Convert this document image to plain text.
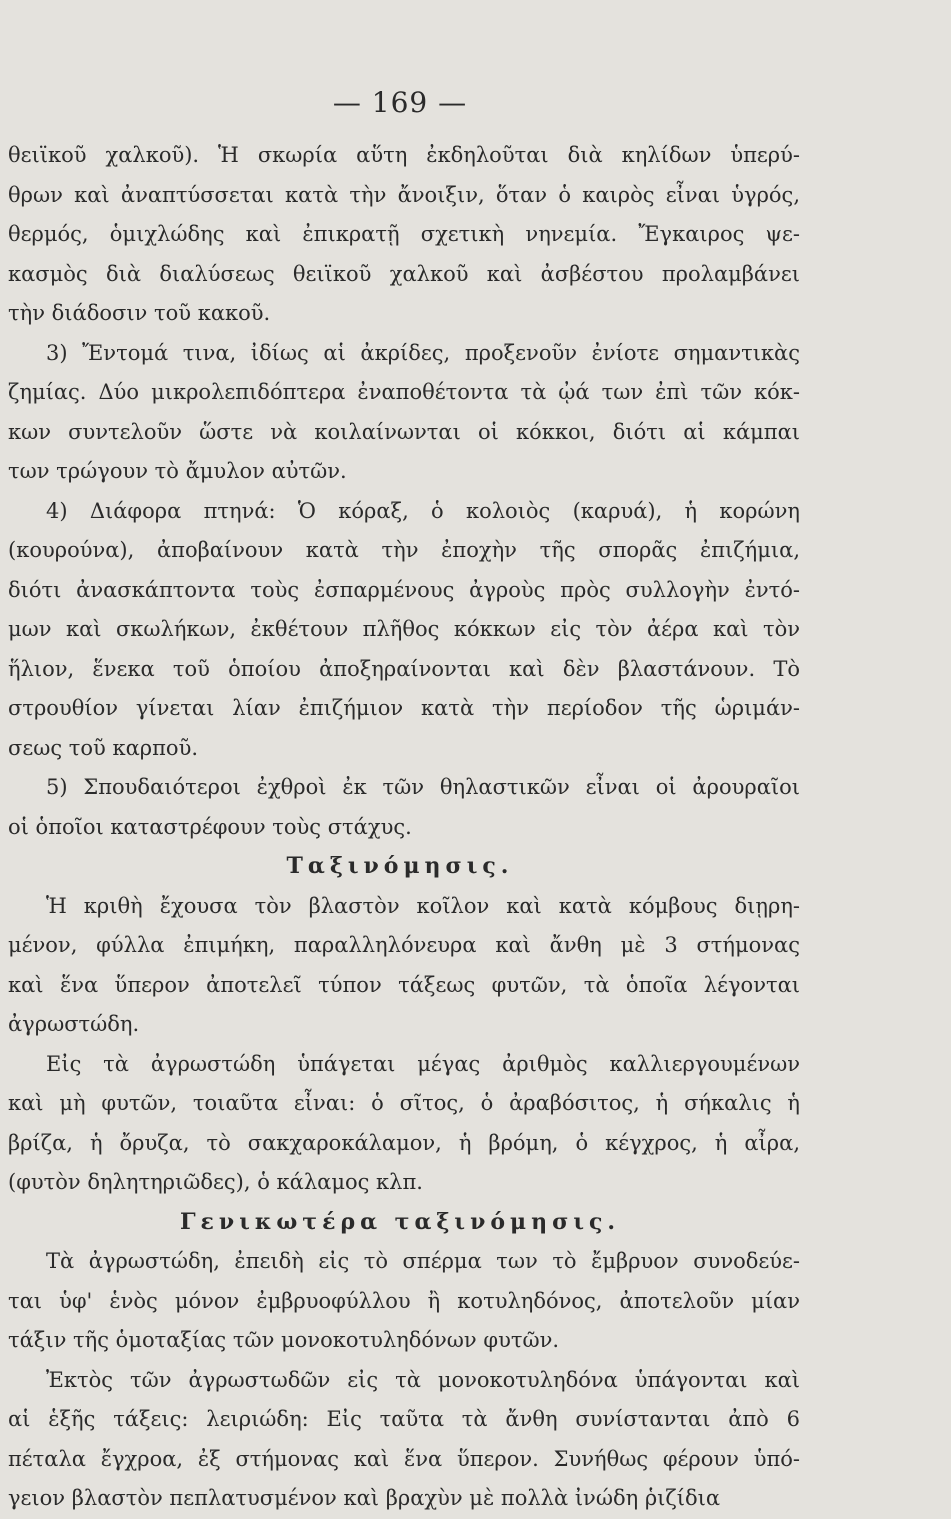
— 169 —
θειϊκοῦ χαλκοῦ). Ἡ σκωρία αὕτη ἐκδηλοῦται διὰ κηλίδων ὑπερύ-
θρων καὶ ἀναπτύσσεται κατὰ τὴν ἄνοιξιν, ὅταν ὁ καιρὸς εἶναι ὑγρός,
θερμός, ὁμιχλώδης καὶ ἐπικρατῇ σχετικὴ νηνεμία. Ἔγκαιρος ψε-
κασμὸς διὰ διαλύσεως θειϊκοῦ χαλκοῦ καὶ ἀσβέστου προλαμβάνει
τὴν διάδοσιν τοῦ κακοῦ.
3) Ἔντομά τινα, ἰδίως αἱ ἀκρίδες, προξενοῦν ἐνίοτε σημαντικὰς
ζημίας. Δύο μικρολεπιδόπτερα ἐναποθέτοντα τὰ ᾠά των ἐπὶ τῶν κόκ-
κων συντελοῦν ὥστε νὰ κοιλαίνωνται οἱ κόκκοι, διότι αἱ κάμπαι
των τρώγουν τὸ ἄμυλον αὐτῶν.
4) Διάφορα πτηνά: Ὁ κόραξ, ὁ κολοιὸς (καρυά), ἡ κορώνη
(κουρούνα), ἀποβαίνουν κατὰ τὴν ἐποχὴν τῆς σπορᾶς ἐπιζήμια,
διότι ἀνασκάπτοντα τοὺς ἐσπαρμένους ἀγροὺς πρὸς συλλογὴν ἐντό-
μων καὶ σκωλήκων, ἐκθέτουν πλῆθος κόκκων εἰς τὸν ἀέρα καὶ τὸν
ἥλιον, ἕνεκα τοῦ ὁποίου ἀποξηραίνονται καὶ δὲν βλαστάνουν. Τὸ
στρουθίον γίνεται λίαν ἐπιζήμιον κατὰ τὴν περίοδον τῆς ὡριμάν-
σεως τοῦ καρποῦ.
5) Σπουδαιότεροι ἐχθροὶ ἐκ τῶν θηλαστικῶν εἶναι οἱ ἀρουραῖοι
οἱ ὁποῖοι καταστρέφουν τοὺς στάχυς.
Ταξινόμησις.
Ἡ κριθὴ ἔχουσα τὸν βλαστὸν κοῖλον καὶ κατὰ κόμβους διῃρη-
μένον, φύλλα ἐπιμήκη, παραλληλόνευρα καὶ ἄνθη μὲ 3 στήμονας
καὶ ἕνα ὕπερον ἀποτελεῖ τύπον τάξεως φυτῶν, τὰ ὁποῖα λέγονται
ἀγρωστώδη.
Εἰς τὰ ἀγρωστώδη ὑπάγεται μέγας ἀριθμὸς καλλιεργουμένων
καὶ μὴ φυτῶν, τοιαῦτα εἶναι: ὁ σῖτος, ὁ ἀραβόσιτος, ἡ σήκαλις ἡ
βρίζα, ἡ ὄρυζα, τὸ σακχαροκάλαμον, ἡ βρόμη, ὁ κέγχρος, ἡ αἶρα,
(φυτὸν δηλητηριῶδες), ὁ κάλαμος κλπ.
Γενικωτέρα ταξινόμησις.
Τὰ ἀγρωστώδη, ἐπειδὴ εἰς τὸ σπέρμα των τὸ ἔμβρυον συνοδεύε-
ται ὑφ' ἑνὸς μόνον ἐμβρυοφύλλου ἢ κοτυληδόνος, ἀποτελοῦν μίαν
τάξιν τῆς ὁμοταξίας τῶν μονοκοτυληδόνων φυτῶν.
Ἐκτὸς τῶν ἀγρωστωδῶν εἰς τὰ μονοκοτυληδόνα ὑπάγονται καὶ
αἱ ἑξῆς τάξεις: λειριώδη: Εἰς ταῦτα τὰ ἄνθη συνίστανται ἀπὸ 6
πέταλα ἔγχροα, ἐξ στήμονας καὶ ἕνα ὕπερον. Συνήθως φέρουν ὑπό-
γειον βλαστὸν πεπλατυσμένον καὶ βραχὺν μὲ πολλὰ ἰνώδη ῥιζίδια
